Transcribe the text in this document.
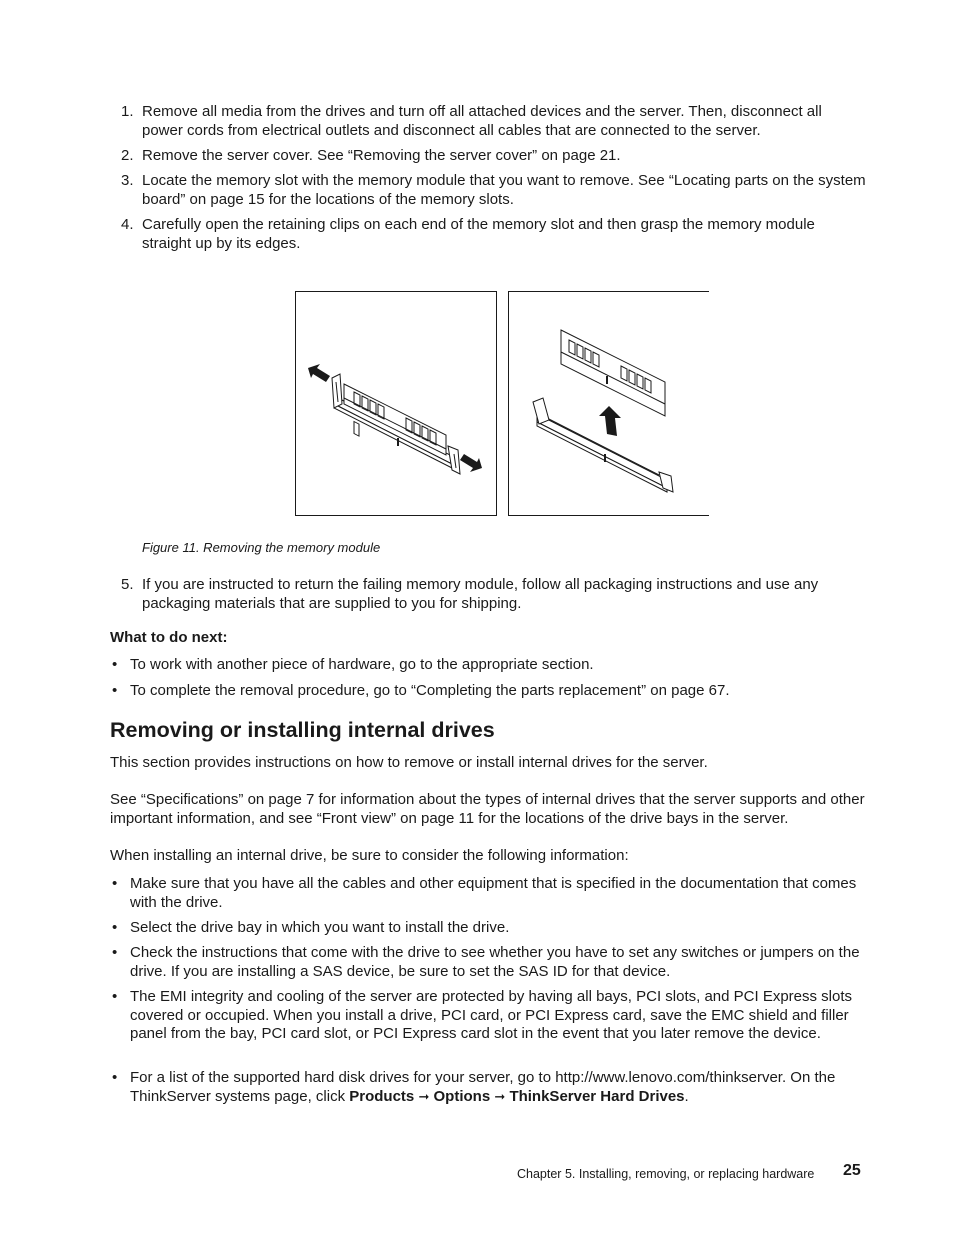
1. Remove all media from the drives and turn off all attached devices and the server. Then, disconnect all power cords from electrical outlets and disconnect all cables that are connected to the server.
2. Remove the server cover. See “Removing the server cover” on page 21.
3. Locate the memory slot with the memory module that you want to remove. See “Locating parts on the system board” on page 15 for the locations of the memory slots.
4. Carefully open the retaining clips on each end of the memory slot and then grasp the memory module straight up by its edges.
Figure 11. Removing the memory module
5. If you are instructed to return the failing memory module, follow all packaging instructions and use any packaging materials that are supplied to you for shipping.
What to do next:
• To work with another piece of hardware, go to the appropriate section.
• To complete the removal procedure, go to “Completing the parts replacement” on page 67.
Removing or installing internal drives
This section provides instructions on how to remove or install internal drives for the server.
See “Specifications” on page 7 for information about the types of internal drives that the server supports and other important information, and see “Front view” on page 11 for the locations of the drive bays in the server.
When installing an internal drive, be sure to consider the following information:
• Make sure that you have all the cables and other equipment that is specified in the documentation that comes with the drive.
• Select the drive bay in which you want to install the drive.
• Check the instructions that come with the drive to see whether you have to set any switches or jumpers on the drive. If you are installing a SAS device, be sure to set the SAS ID for that device.
• The EMI integrity and cooling of the server are protected by having all bays, PCI slots, and PCI Express slots covered or occupied. When you install a drive, PCI card, or PCI Express card, save the EMC shield and filler panel from the bay, PCI card slot, or PCI Express card slot in the event that you later remove the device.
• For a list of the supported hard disk drives for your server, go to http://www.lenovo.com/thinkserver. On the ThinkServer systems page, click Products ➞ Options ➞ ThinkServer Hard Drives.
Chapter 5. Installing, removing, or replacing hardware 25
